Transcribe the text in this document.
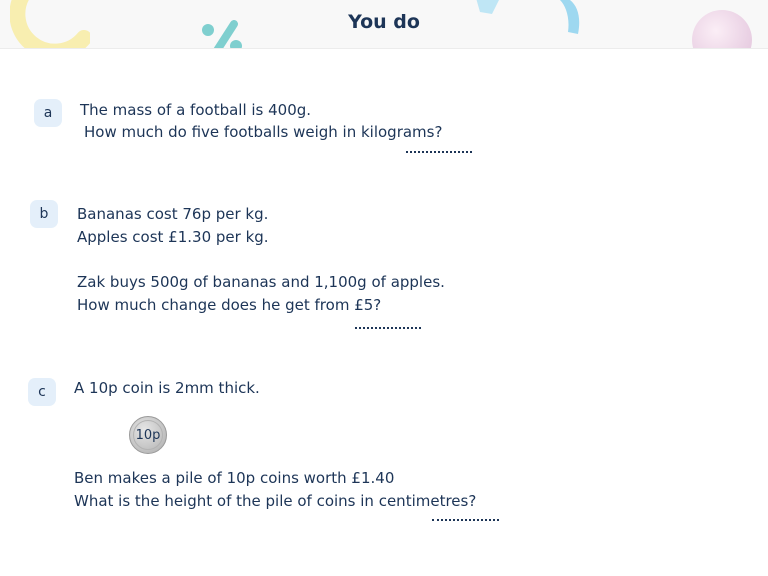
You do
a	The mass of a football is 400g.
How much do five footballs weigh in kilograms?
b	Bananas cost 76p per kg.
Apples cost £1.30 per kg.
Zak buys 500g of bananas and 1,100g of apples.
How much change does he get from £5?
c	A 10p coin is 2mm thick.
10p
Ben makes a pile of 10p coins worth £1.40
What is the height of the pile of coins in centimetres?
